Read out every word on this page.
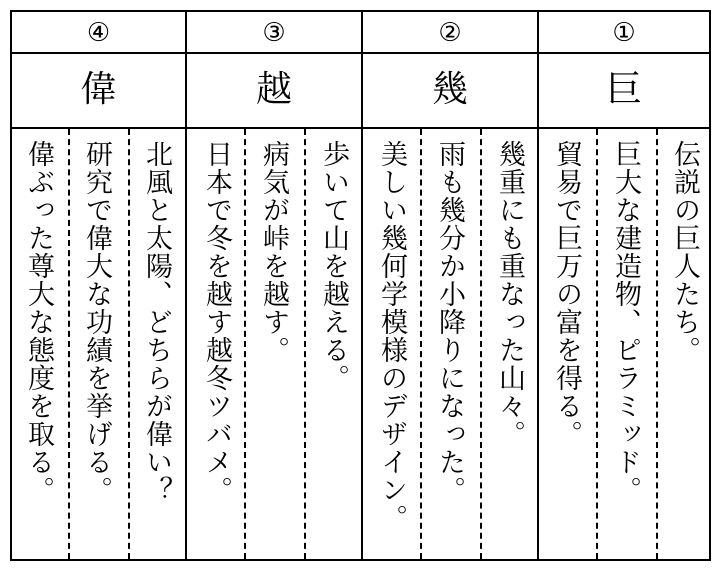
④
偉
偉ぶった尊大な態度を取る。 研究で偉大な功績を挙げる。 北風と太陽、どちらが偉い？
③
越
日本で冬を越す越冬ツバメ。 病気が峠を越す。 歩いて山を越える。
②
幾
美しい幾何学模様のデザイン。 雨も幾分か小降りになった。 幾重にも重なった山々。
①
巨
貿易で巨万の富を得る。 巨大な建造物、ピラミッド。 伝説の巨人たち。
